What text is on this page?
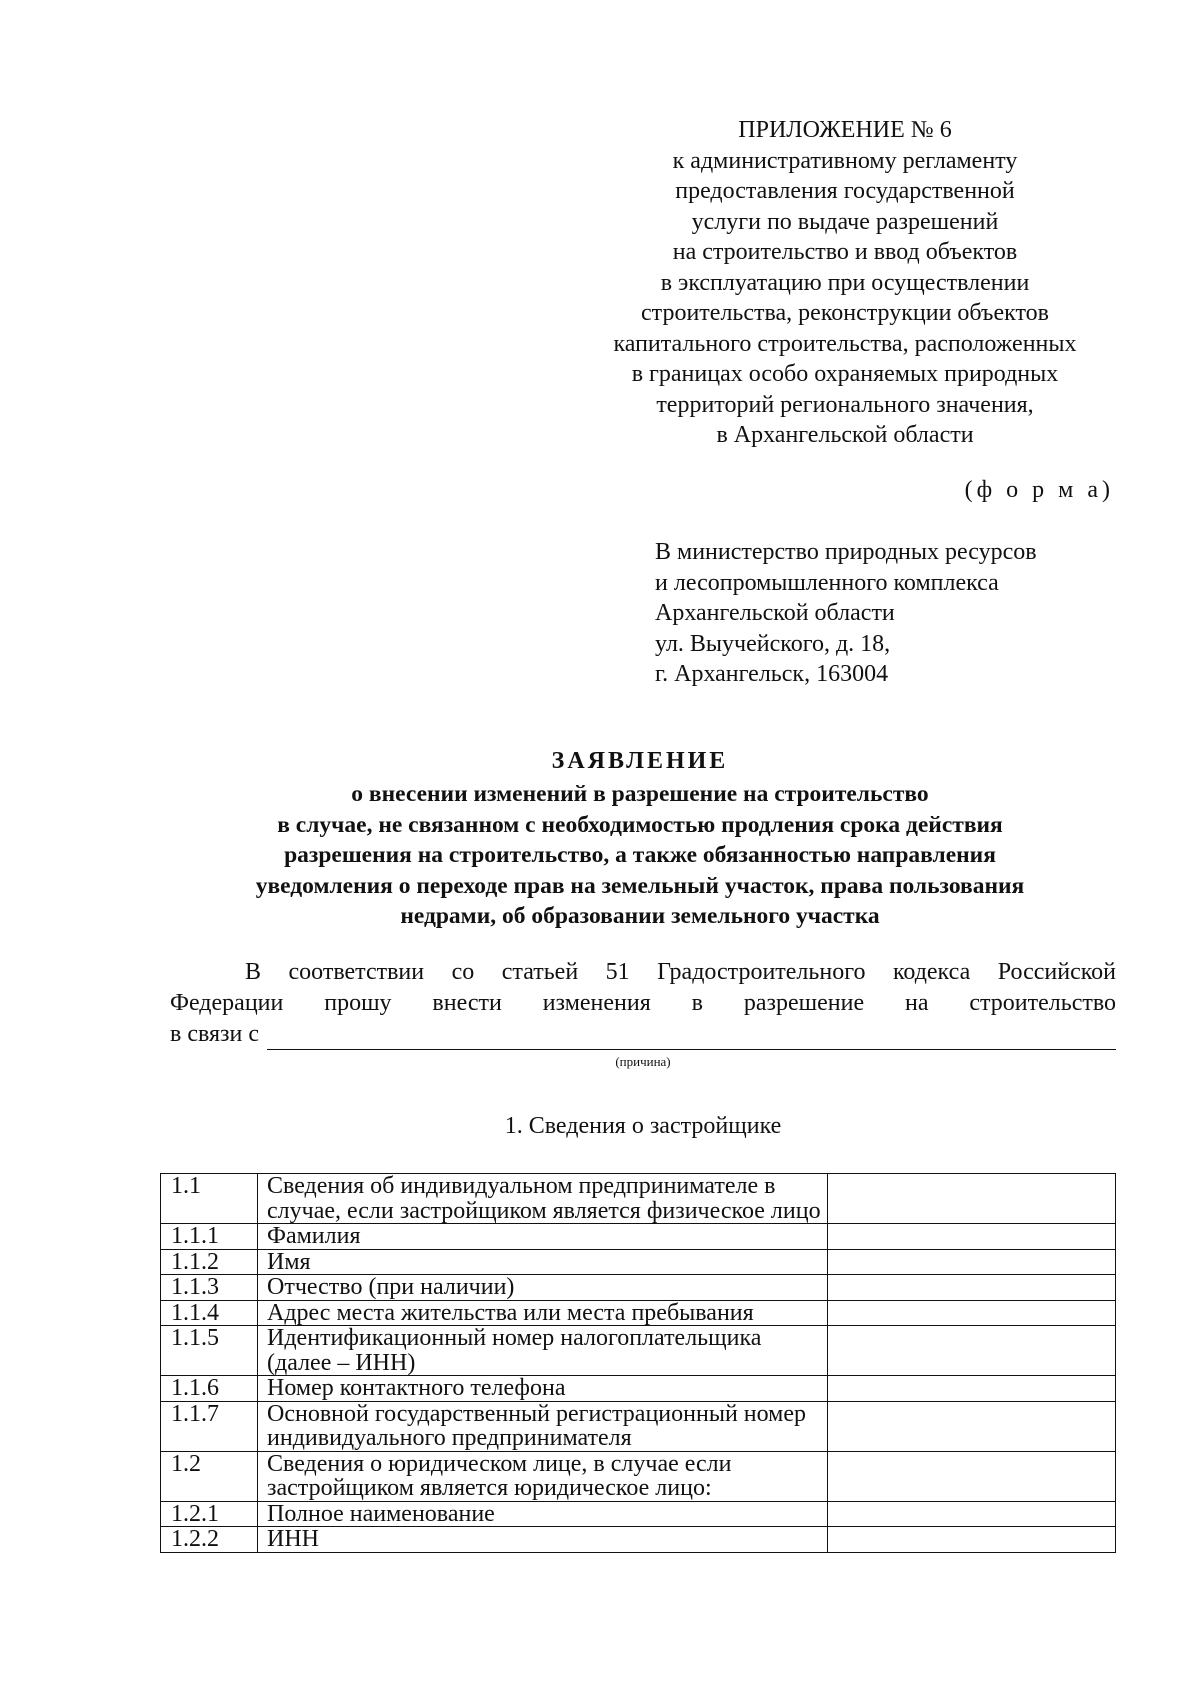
ПРИЛОЖЕНИЕ № 6
к административному регламенту
предоставления государственной
услуги по выдаче разрешений
на строительство и ввод объектов
в эксплуатацию при осуществлении
строительства, реконструкции объектов
капитального строительства, расположенных
в границах особо охраняемых природных
территорий регионального значения,
в Архангельской области
(ф о р м а)
В министерство природных ресурсов
и лесопромышленного комплекса
Архангельской области
ул. Выучейского, д. 18,
г. Архангельск, 163004
ЗАЯВЛЕНИЕ
о внесении изменений в разрешение на строительство
в случае, не связанном с необходимостью продления срока действия
разрешения на строительство, а также обязанностью направления
уведомления о переходе прав на земельный участок, права пользования
недрами, об образовании земельного участка
В соответствии со статьей 51 Градостроительного кодекса Российской
Федерации прошу внести изменения в разрешение на строительство
в связи с
(причина)
1. Сведения о застройщике
1.1	Сведения об индивидуальном предпринимателе в случае, если застройщиком является физическое лицо	
1.1.1	Фамилия	
1.1.2	Имя	
1.1.3	Отчество (при наличии)	
1.1.4	Адрес места жительства или места пребывания	
1.1.5	Идентификационный номер налогоплательщика (далее – ИНН)	
1.1.6	Номер контактного телефона	
1.1.7	Основной государственный регистрационный номер индивидуального предпринимателя	
1.2	Сведения о юридическом лице, в случае если застройщиком является юридическое лицо:	
1.2.1	Полное наименование	
1.2.2	ИНН	
